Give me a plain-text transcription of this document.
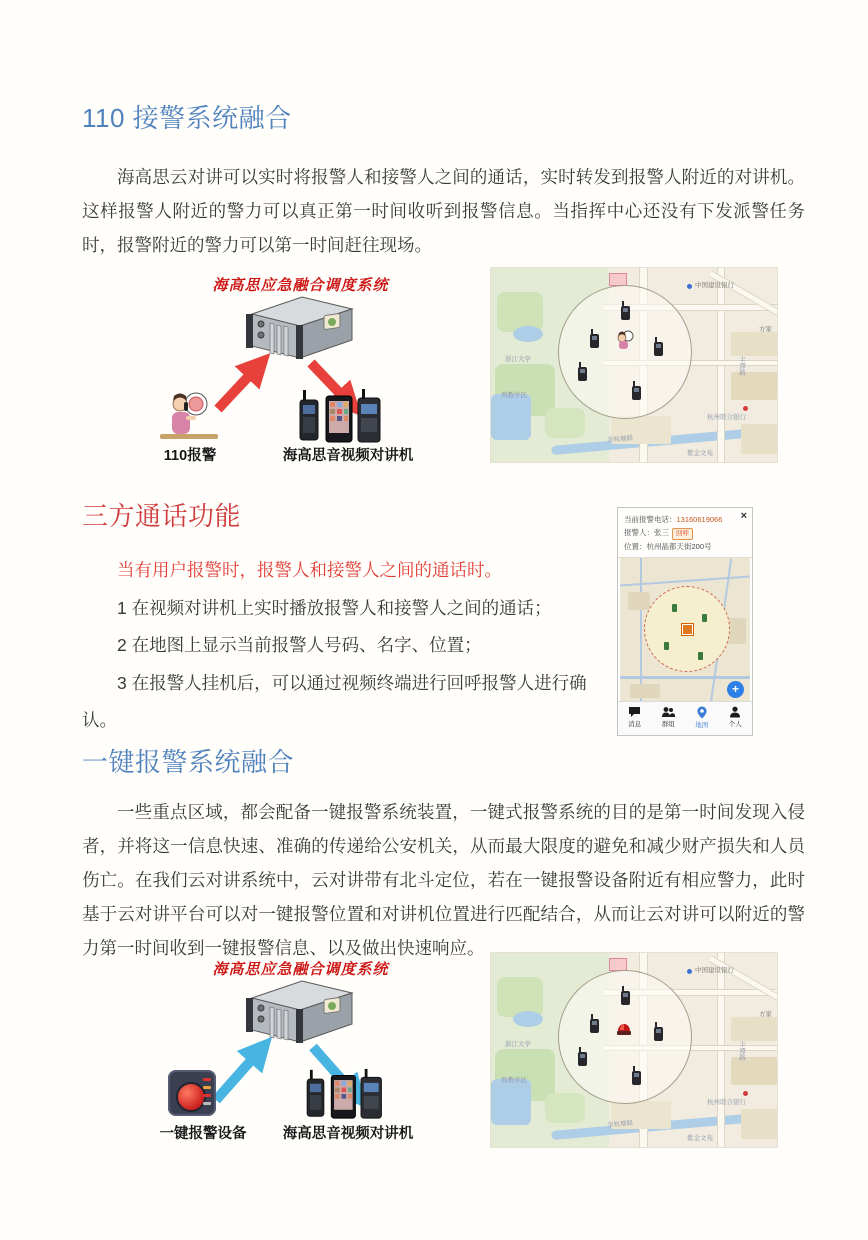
110 接警系统融合
海高思云对讲可以实时将报警人和接警人之间的通话，实时转发到报警人附近的对讲机。这样报警人附近的警力可以真正第一时间收听到报警信息。当指挥中心还没有下发派警任务时，报警附近的警力可以第一时间赶往现场。
海高思应急融合调度系统
110报警	海高思音视频对讲机
浙江大学
西教学区
方家
丰潭路
余杭塘路
中国建设银行
杭州联合银行
紫金文苑
三方通话功能

当有用户报警时，报警人和接警人之间的通话时。

1 在视频对讲机上实时播放报警人和接警人之间的通话；

2 在地图上显示当前报警人号码、名字、位置；

3 在报警人挂机后，可以通过视频终端进行回呼报警人进行确认。

当前报警电话：13160619066
报警人：张三 回呼
位置：杭州晶都天街200号
×
+
消息	群组	地图	个人
一键报警系统融合
一些重点区域，都会配备一键报警系统装置，一键式报警系统的目的是第一时间发现入侵者，并将这一信息快速、准确的传递给公安机关，从而最大限度的避免和减少财产损失和人员伤亡。在我们云对讲系统中，云对讲带有北斗定位，若在一键报警设备附近有相应警力，此时基于云对讲平台可以对一键报警位置和对讲机位置进行匹配结合，从而让云对讲可以附近的警力第一时间收到一键报警信息、以及做出快速响应。
海高思应急融合调度系统
一键报警设备	海高思音视频对讲机
浙江大学
西教学区
方家
丰潭路
余杭塘路
中国建设银行
杭州联合银行
紫金文苑
